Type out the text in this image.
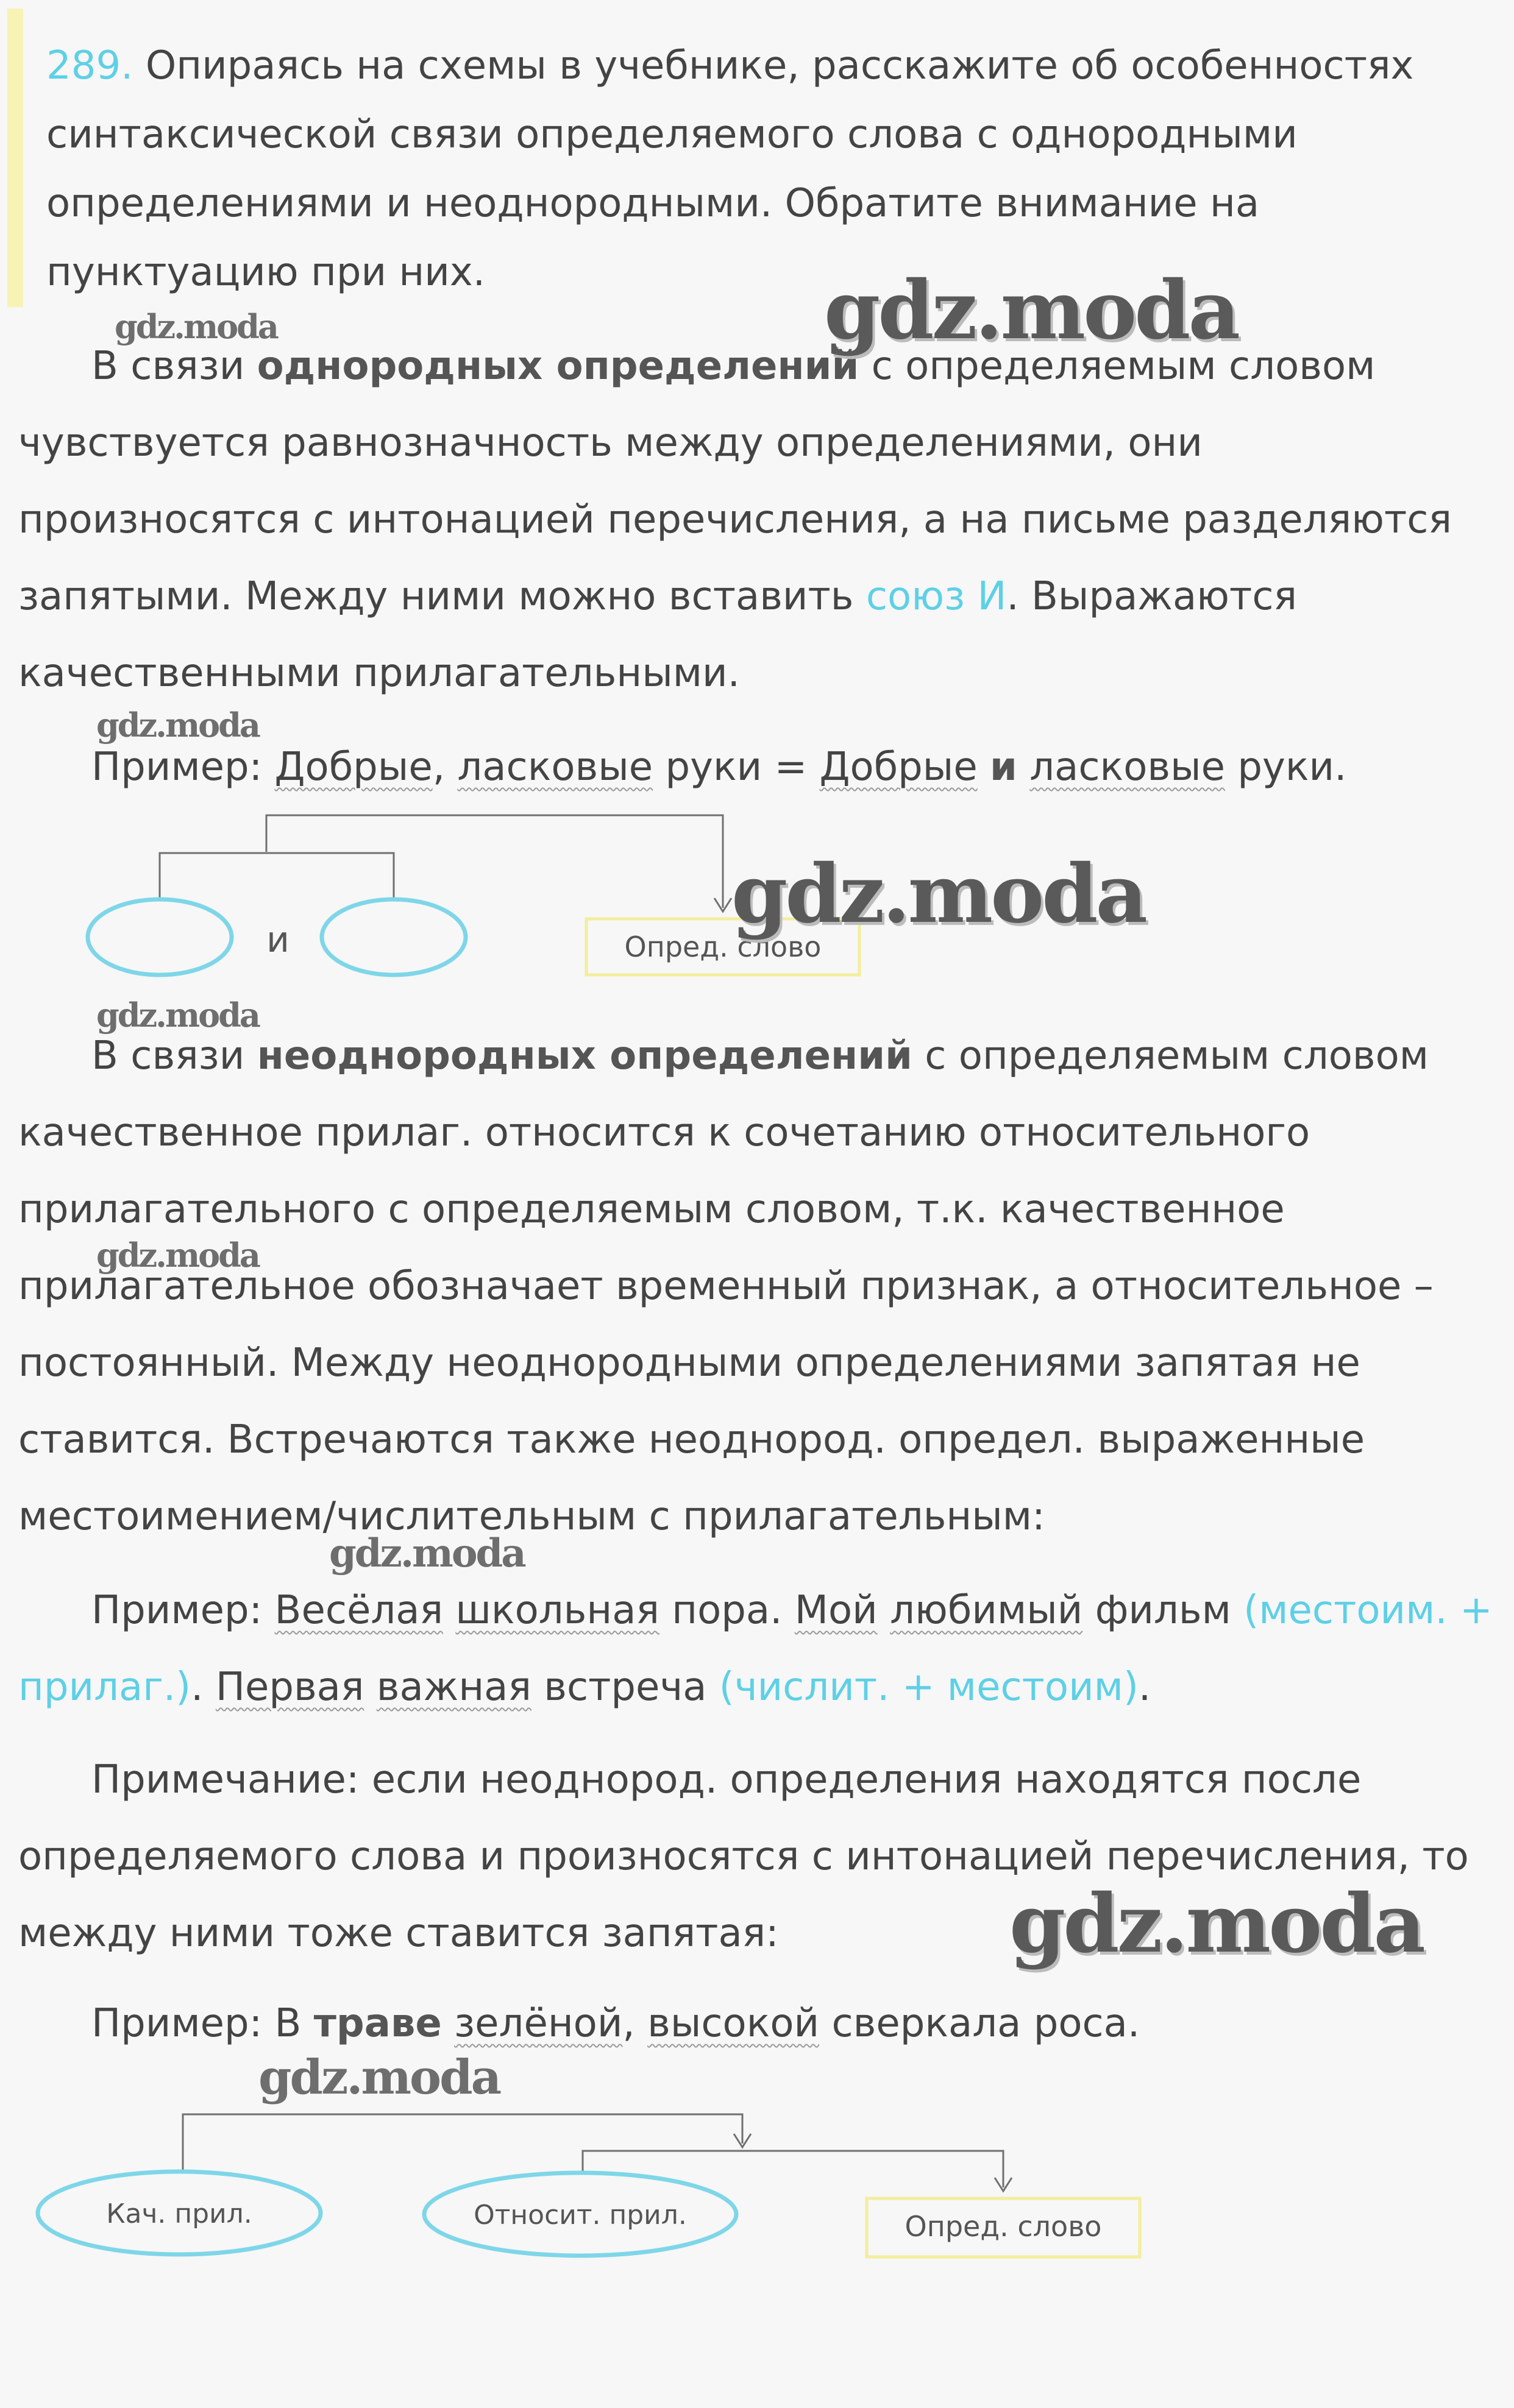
289. Опираясь на схемы в учебнике, расскажите об особенностях синтаксической связи определяемого слова с однородными определениями и неоднородными. Обратите внимание на пунктуацию при них.

В связи однородных определений с определяемым словом чувствуется равнозначность между определениями, они произносятся с интонацией перечисления, а на письме разделяются запятыми. Между ними можно вставить союз И. Выражаются качественными прилагательными.

Пример: Добрые, ласковые руки = Добрые и ласковые руки.

и	Опред. слово

В связи неоднородных определений с определяемым словом качественное прилаг. относится к сочетанию относительного прилагательного с определяемым словом, т.к. качественное прилагательное обозначает временный признак, а относительное – постоянный. Между неоднородными определениями запятая не ставится. Встречаются также неоднород. определ. выраженные местоимением/числительным с прилагательным:

Пример: Весёлая школьная пора. Мой любимый фильм (местоим. + прилаг.). Первая важная встреча (числит. + местоим).

Примечание: если неоднород. определения находятся после определяемого слова и произносятся с интонацией перечисления, то между ними тоже ставится запятая:

Пример: В траве зелёной, высокой сверкала роса.

Кач. прил.	Относит. прил.	Опред. слово
gdz.moda
gdz.moda
gdz.moda
gdz.moda
gdz.moda
gdz.moda
gdz.moda
gdz.moda
gdz.moda
